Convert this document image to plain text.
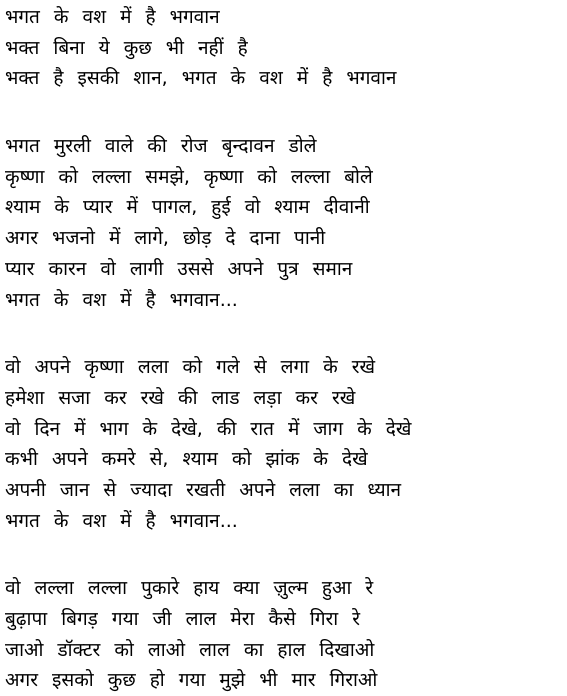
भगत के वश में है भगवान
भक्त बिना ये कुछ भी नहीं है
भक्त है इसकी शान, भगत के वश में है भगवान
भगत मुरली वाले की रोज बृन्दावन डोले
कृष्णा को लल्ला समझे, कृष्णा को लल्ला बोले
श्याम के प्यार में पागल, हुई वो श्याम दीवानी
अगर भजनो में लागे, छोड़ दे दाना पानी
प्यार कारन वो लागी उससे अपने पुत्र समान
भगत के वश में है भगवान...
वो अपने कृष्णा लला को गले से लगा के रखे
हमेशा सजा कर रखे की लाड लड़ा कर रखे
वो दिन में भाग के देखे, की रात में जाग के देखे
कभी अपने कमरे से, श्याम को झांक के देखे
अपनी जान से ज्यादा रखती अपने लला का ध्यान
भगत के वश में है भगवान...
वो लल्ला लल्ला पुकारे हाय क्या ज़ुल्म हुआ रे
बुढ़ापा बिगड़ गया जी लाल मेरा कैसे गिरा रे
जाओ डॉक्टर को लाओ लाल का हाल दिखाओ
अगर इसको कुछ हो गया मुझे भी मार गिराओ
